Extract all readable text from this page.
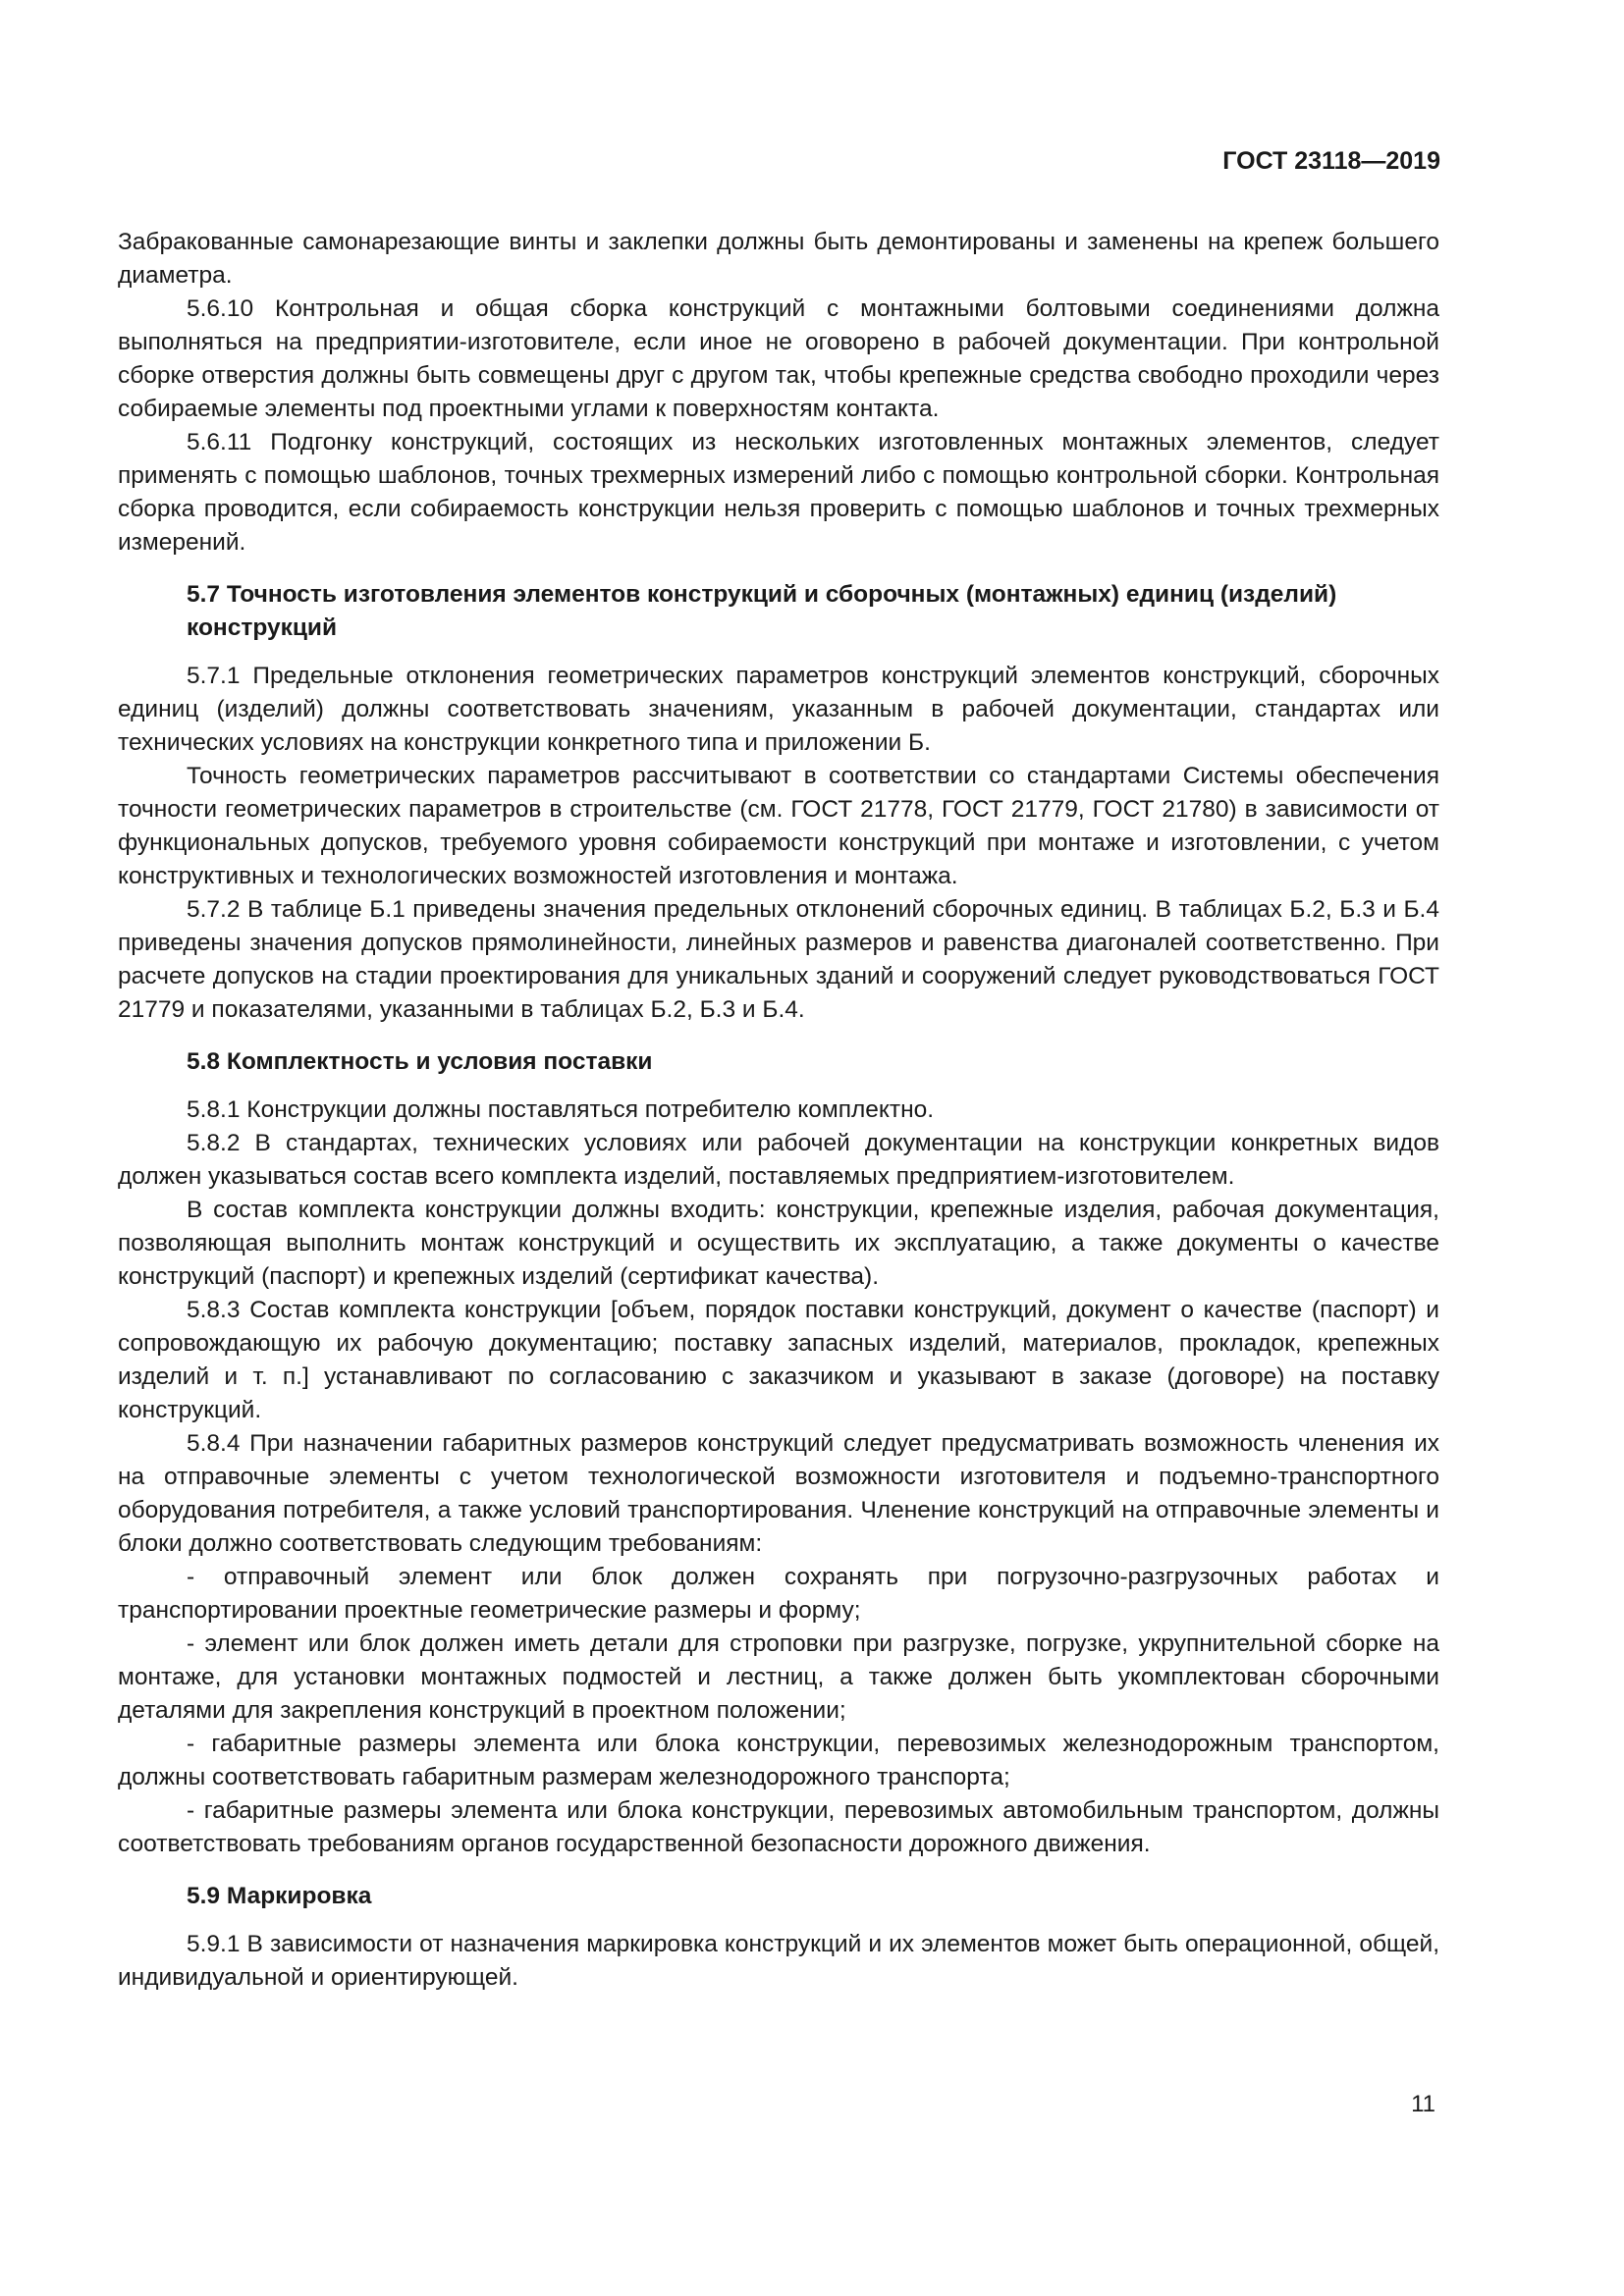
ГОСТ 23118—2019

Забракованные самонарезающие винты и заклепки должны быть демонтированы и заменены на крепеж большего диаметра.

5.6.10 Контрольная и общая сборка конструкций с монтажными болтовыми соединениями должна выполняться на предприятии-изготовителе, если иное не оговорено в рабочей документации. При контрольной сборке отверстия должны быть совмещены друг с другом так, чтобы крепежные средства свободно проходили через собираемые элементы под проектными углами к поверхностям контакта.

5.6.11 Подгонку конструкций, состоящих из нескольких изготовленных монтажных элементов, следует применять с помощью шаблонов, точных трехмерных измерений либо с помощью контрольной сборки. Контрольная сборка проводится, если собираемость конструкции нельзя проверить с помощью шаблонов и точных трехмерных измерений.

5.7 Точность изготовления элементов конструкций и сборочных (монтажных) единиц (изделий) конструкций

5.7.1 Предельные отклонения геометрических параметров конструкций элементов конструкций, сборочных единиц (изделий) должны соответствовать значениям, указанным в рабочей документации, стандартах или технических условиях на конструкции конкретного типа и приложении Б.

Точность геометрических параметров рассчитывают в соответствии со стандартами Системы обеспечения точности геометрических параметров в строительстве (см. ГОСТ 21778, ГОСТ 21779, ГОСТ 21780) в зависимости от функциональных допусков, требуемого уровня собираемости конструкций при монтаже и изготовлении, с учетом конструктивных и технологических возможностей изготовления и монтажа.

5.7.2 В таблице Б.1 приведены значения предельных отклонений сборочных единиц. В таблицах Б.2, Б.3 и Б.4 приведены значения допусков прямолинейности, линейных размеров и равенства диагоналей соответственно. При расчете допусков на стадии проектирования для уникальных зданий и сооружений следует руководствоваться ГОСТ 21779 и показателями, указанными в таблицах Б.2, Б.3 и Б.4.

5.8 Комплектность и условия поставки

5.8.1 Конструкции должны поставляться потребителю комплектно.

5.8.2 В стандартах, технических условиях или рабочей документации на конструкции конкретных видов должен указываться состав всего комплекта изделий, поставляемых предприятием-изготовителем.

В состав комплекта конструкции должны входить: конструкции, крепежные изделия, рабочая документация, позволяющая выполнить монтаж конструкций и осуществить их эксплуатацию, а также документы о качестве конструкций (паспорт) и крепежных изделий (сертификат качества).

5.8.3 Состав комплекта конструкции [объем, порядок поставки конструкций, документ о качестве (паспорт) и сопровождающую их рабочую документацию; поставку запасных изделий, материалов, прокладок, крепежных изделий и т. п.] устанавливают по согласованию с заказчиком и указывают в заказе (договоре) на поставку конструкций.

5.8.4 При назначении габаритных размеров конструкций следует предусматривать возможность членения их на отправочные элементы с учетом технологической возможности изготовителя и подъемно-транспортного оборудования потребителя, а также условий транспортирования. Членение конструкций на отправочные элементы и блоки должно соответствовать следующим требованиям:

- отправочный элемент или блок должен сохранять при погрузочно-разгрузочных работах и транспортировании проектные геометрические размеры и форму;

- элемент или блок должен иметь детали для строповки при разгрузке, погрузке, укрупнительной сборке на монтаже, для установки монтажных подмостей и лестниц, а также должен быть укомплектован сборочными деталями для закрепления конструкций в проектном положении;

- габаритные размеры элемента или блока конструкции, перевозимых железнодорожным транспортом, должны соответствовать габаритным размерам железнодорожного транспорта;

- габаритные размеры элемента или блока конструкции, перевозимых автомобильным транспортом, должны соответствовать требованиям органов государственной безопасности дорожного движения.

5.9 Маркировка

5.9.1 В зависимости от назначения маркировка конструкций и их элементов может быть операционной, общей, индивидуальной и ориентирующей.

11
